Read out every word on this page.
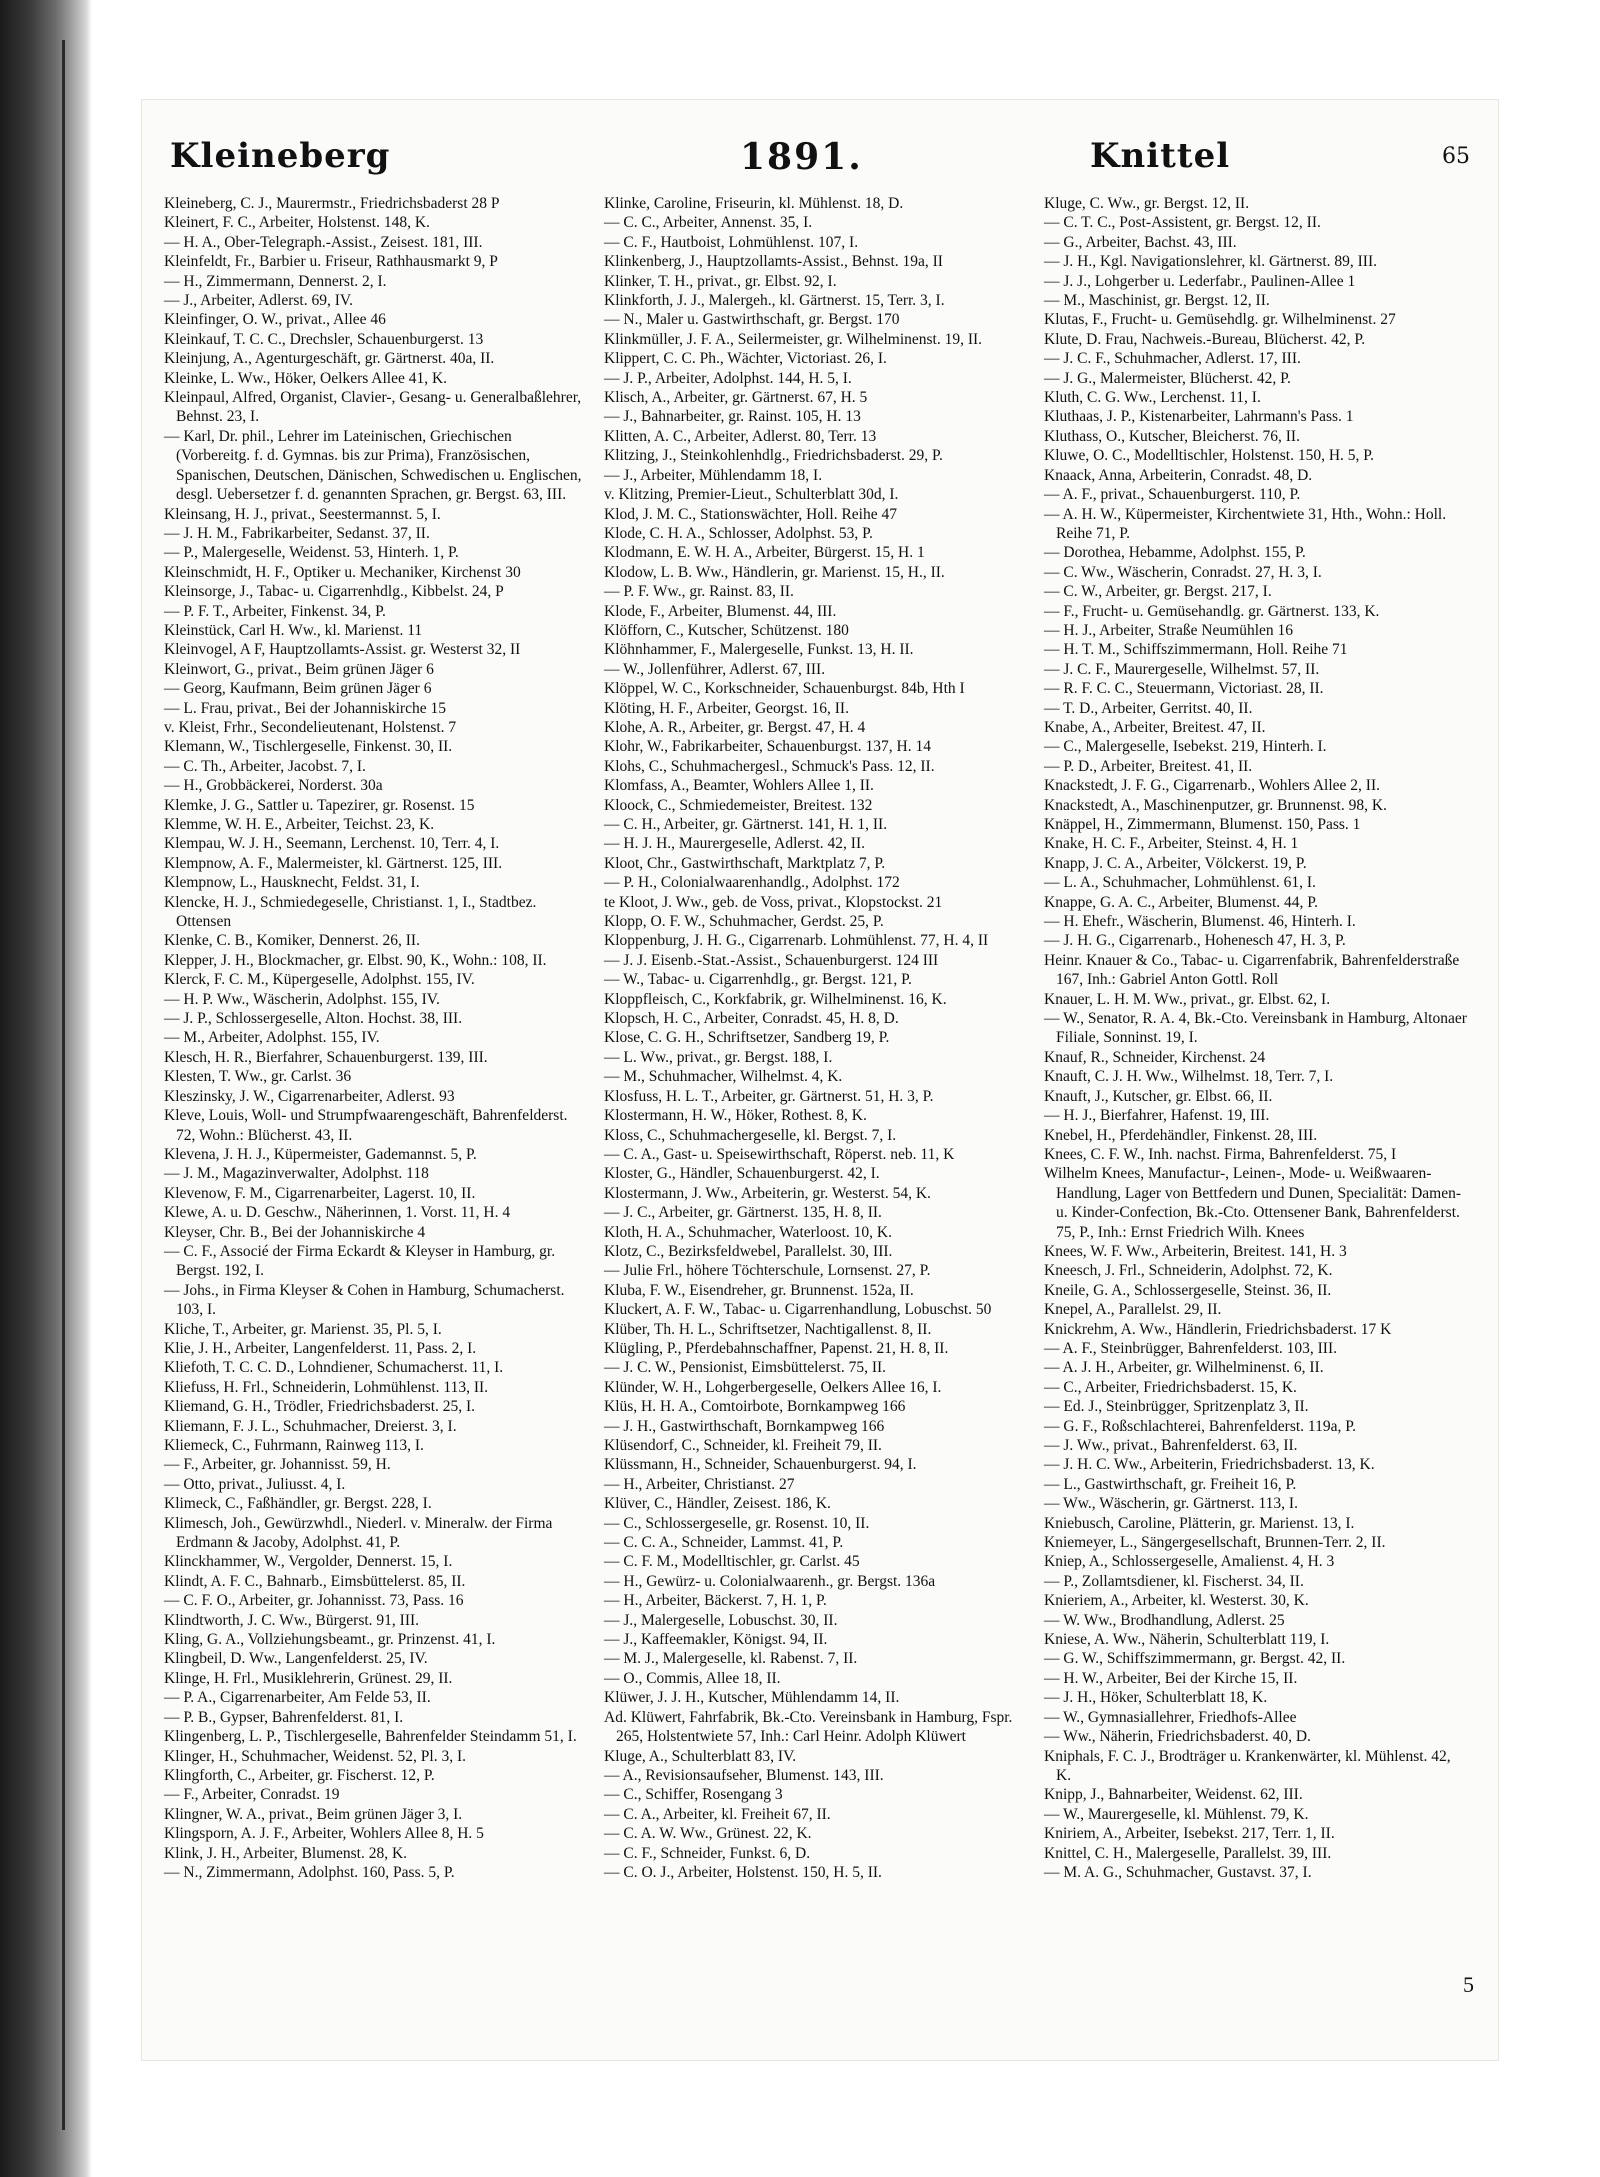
Kleineberg	1891.	Knittel	65

Kleineberg, C. J., Maurermstr., Friedrichsbaderst 28 P

Kleinert, F. C., Arbeiter, Holstenst. 148, K.

— H. A., Ober-Telegraph.-Assist., Zeisest. 181, III.

Kleinfeldt, Fr., Barbier u. Friseur, Rathhausmarkt 9, P

— H., Zimmermann, Dennerst. 2, I.

— J., Arbeiter, Adlerst. 69, IV.

Kleinfinger, O. W., privat., Allee 46

Kleinkauf, T. C. C., Drechsler, Schauenburgerst. 13

Kleinjung, A., Agenturgeschäft, gr. Gärtnerst. 40a, II.

Kleinke, L. Ww., Höker, Oelkers Allee 41, K.

Kleinpaul, Alfred, Organist, Clavier-, Gesang- u. Generalbaßlehrer, Behnst. 23, I.

— Karl, Dr. phil., Lehrer im Lateinischen, Griechischen (Vorbereitg. f. d. Gymnas. bis zur Prima), Französischen, Spanischen, Deutschen, Dänischen, Schwedischen u. Englischen, desgl. Uebersetzer f. d. genannten Sprachen, gr. Bergst. 63, III.

Kleinsang, H. J., privat., Seestermannst. 5, I.

— J. H. M., Fabrikarbeiter, Sedanst. 37, II.

— P., Malergeselle, Weidenst. 53, Hinterh. 1, P.

Kleinschmidt, H. F., Optiker u. Mechaniker, Kirchenst 30

Kleinsorge, J., Tabac- u. Cigarrenhdlg., Kibbelst. 24, P

— P. F. T., Arbeiter, Finkenst. 34, P.

Kleinstück, Carl H. Ww., kl. Marienst. 11

Kleinvogel, A F, Hauptzollamts-Assist. gr. Westerst 32, II

Kleinwort, G., privat., Beim grünen Jäger 6

— Georg, Kaufmann, Beim grünen Jäger 6

— L. Frau, privat., Bei der Johanniskirche 15

v. Kleist, Frhr., Secondelieutenant, Holstenst. 7

Klemann, W., Tischlergeselle, Finkenst. 30, II.

— C. Th., Arbeiter, Jacobst. 7, I.

— H., Grobbäckerei, Norderst. 30a

Klemke, J. G., Sattler u. Tapezirer, gr. Rosenst. 15

Klemme, W. H. E., Arbeiter, Teichst. 23, K.

Klempau, W. J. H., Seemann, Lerchenst. 10, Terr. 4, I.

Klempnow, A. F., Malermeister, kl. Gärtnerst. 125, III.

Klempnow, L., Hausknecht, Feldst. 31, I.

Klencke, H. J., Schmiedegeselle, Christianst. 1, I., Stadtbez. Ottensen

Klenke, C. B., Komiker, Dennerst. 26, II.

Klepper, J. H., Blockmacher, gr. Elbst. 90, K., Wohn.: 108, II.

Klerck, F. C. M., Küpergeselle, Adolphst. 155, IV.

— H. P. Ww., Wäscherin, Adolphst. 155, IV.

— J. P., Schlossergeselle, Alton. Hochst. 38, III.

— M., Arbeiter, Adolphst. 155, IV.

Klesch, H. R., Bierfahrer, Schauenburgerst. 139, III.

Klesten, T. Ww., gr. Carlst. 36

Kleszinsky, J. W., Cigarrenarbeiter, Adlerst. 93

Kleve, Louis, Woll- und Strumpfwaarengeschäft, Bahrenfelderst. 72, Wohn.: Blücherst. 43, II.

Klevena, J. H. J., Küpermeister, Gademannst. 5, P.

— J. M., Magazinverwalter, Adolphst. 118

Klevenow, F. M., Cigarrenarbeiter, Lagerst. 10, II.

Klewe, A. u. D. Geschw., Näherinnen, 1. Vorst. 11, H. 4

Kleyser, Chr. B., Bei der Johanniskirche 4

— C. F., Associé der Firma Eckardt & Kleyser in Hamburg, gr. Bergst. 192, I.

— Johs., in Firma Kleyser & Cohen in Hamburg, Schumacherst. 103, I.

Kliche, T., Arbeiter, gr. Marienst. 35, Pl. 5, I.

Klie, J. H., Arbeiter, Langenfelderst. 11, Pass. 2, I.

Kliefoth, T. C. C. D., Lohndiener, Schumacherst. 11, I.

Kliefuss, H. Frl., Schneiderin, Lohmühlenst. 113, II.

Kliemand, G. H., Trödler, Friedrichsbaderst. 25, I.

Kliemann, F. J. L., Schuhmacher, Dreierst. 3, I.

Kliemeck, C., Fuhrmann, Rainweg 113, I.

— F., Arbeiter, gr. Johannisst. 59, H.

— Otto, privat., Juliusst. 4, I.

Klimeck, C., Faßhändler, gr. Bergst. 228, I.

Klimesch, Joh., Gewürzwhdl., Niederl. v. Mineralw. der Firma Erdmann & Jacoby, Adolphst. 41, P.

Klinckhammer, W., Vergolder, Dennerst. 15, I.

Klindt, A. F. C., Bahnarb., Eimsbüttelerst. 85, II.

— C. F. O., Arbeiter, gr. Johannisst. 73, Pass. 16

Klindtworth, J. C. Ww., Bürgerst. 91, III.

Kling, G. A., Vollziehungsbeamt., gr. Prinzenst. 41, I.

Klingbeil, D. Ww., Langenfelderst. 25, IV.

Klinge, H. Frl., Musiklehrerin, Grünest. 29, II.

— P. A., Cigarrenarbeiter, Am Felde 53, II.

— P. B., Gypser, Bahrenfelderst. 81, I.

Klingenberg, L. P., Tischlergeselle, Bahrenfelder Steindamm 51, I.

Klinger, H., Schuhmacher, Weidenst. 52, Pl. 3, I.

Klingforth, C., Arbeiter, gr. Fischerst. 12, P.

— F., Arbeiter, Conradst. 19

Klingner, W. A., privat., Beim grünen Jäger 3, I.

Klingsporn, A. J. F., Arbeiter, Wohlers Allee 8, H. 5

Klink, J. H., Arbeiter, Blumenst. 28, K.

— N., Zimmermann, Adolphst. 160, Pass. 5, P.

Klinke, Caroline, Friseurin, kl. Mühlenst. 18, D.

— C. C., Arbeiter, Annenst. 35, I.

— C. F., Hautboist, Lohmühlenst. 107, I.

Klinkenberg, J., Hauptzollamts-Assist., Behnst. 19a, II

Klinker, T. H., privat., gr. Elbst. 92, I.

Klinkforth, J. J., Malergeh., kl. Gärtnerst. 15, Terr. 3, I.

— N., Maler u. Gastwirthschaft, gr. Bergst. 170

Klinkmüller, J. F. A., Seilermeister, gr. Wilhelminenst. 19, II.

Klippert, C. C. Ph., Wächter, Victoriast. 26, I.

— J. P., Arbeiter, Adolphst. 144, H. 5, I.

Klisch, A., Arbeiter, gr. Gärtnerst. 67, H. 5

— J., Bahnarbeiter, gr. Rainst. 105, H. 13

Klitten, A. C., Arbeiter, Adlerst. 80, Terr. 13

Klitzing, J., Steinkohlenhdlg., Friedrichsbaderst. 29, P.

— J., Arbeiter, Mühlendamm 18, I.

v. Klitzing, Premier-Lieut., Schulterblatt 30d, I.

Klod, J. M. C., Stationswächter, Holl. Reihe 47

Klode, C. H. A., Schlosser, Adolphst. 53, P.

Klodmann, E. W. H. A., Arbeiter, Bürgerst. 15, H. 1

Klodow, L. B. Ww., Händlerin, gr. Marienst. 15, H., II.

— P. F. Ww., gr. Rainst. 83, II.

Klode, F., Arbeiter, Blumenst. 44, III.

Klöfforn, C., Kutscher, Schützenst. 180

Klöhnhammer, F., Malergeselle, Funkst. 13, H. II.

— W., Jollenführer, Adlerst. 67, III.

Klöppel, W. C., Korkschneider, Schauenburgst. 84b, Hth I

Klöting, H. F., Arbeiter, Georgst. 16, II.

Klohe, A. R., Arbeiter, gr. Bergst. 47, H. 4

Klohr, W., Fabrikarbeiter, Schauenburgst. 137, H. 14

Klohs, C., Schuhmachergesl., Schmuck's Pass. 12, II.

Klomfass, A., Beamter, Wohlers Allee 1, II.

Kloock, C., Schmiedemeister, Breitest. 132

— C. H., Arbeiter, gr. Gärtnerst. 141, H. 1, II.

— H. J. H., Maurergeselle, Adlerst. 42, II.

Kloot, Chr., Gastwirthschaft, Marktplatz 7, P.

— P. H., Colonialwaarenhandlg., Adolphst. 172

te Kloot, J. Ww., geb. de Voss, privat., Klopstockst. 21

Klopp, O. F. W., Schuhmacher, Gerdst. 25, P.

Kloppenburg, J. H. G., Cigarrenarb. Lohmühlenst. 77, H. 4, II

— J. J. Eisenb.-Stat.-Assist., Schauenburgerst. 124 III

— W., Tabac- u. Cigarrenhdlg., gr. Bergst. 121, P.

Kloppfleisch, C., Korkfabrik, gr. Wilhelminenst. 16, K.

Klopsch, H. C., Arbeiter, Conradst. 45, H. 8, D.

Klose, C. G. H., Schriftsetzer, Sandberg 19, P.

— L. Ww., privat., gr. Bergst. 188, I.

— M., Schuhmacher, Wilhelmst. 4, K.

Klosfuss, H. L. T., Arbeiter, gr. Gärtnerst. 51, H. 3, P.

Klostermann, H. W., Höker, Rothest. 8, K.

Kloss, C., Schuhmachergeselle, kl. Bergst. 7, I.

— C. A., Gast- u. Speisewirthschaft, Röperst. neb. 11, K

Kloster, G., Händler, Schauenburgerst. 42, I.

Klostermann, J. Ww., Arbeiterin, gr. Westerst. 54, K.

— J. C., Arbeiter, gr. Gärtnerst. 135, H. 8, II.

Kloth, H. A., Schuhmacher, Waterloost. 10, K.

Klotz, C., Bezirksfeldwebel, Parallelst. 30, III.

— Julie Frl., höhere Töchterschule, Lornsenst. 27, P.

Kluba, F. W., Eisendreher, gr. Brunnenst. 152a, II.

Kluckert, A. F. W., Tabac- u. Cigarrenhandlung, Lobuschst. 50

Klüber, Th. H. L., Schriftsetzer, Nachtigallenst. 8, II.

Klügling, P., Pferdebahnschaffner, Papenst. 21, H. 8, II.

— J. C. W., Pensionist, Eimsbüttelerst. 75, II.

Klünder, W. H., Lohgerbergeselle, Oelkers Allee 16, I.

Klüs, H. H. A., Comtoirbote, Bornkampweg 166

— J. H., Gastwirthschaft, Bornkampweg 166

Klüsendorf, C., Schneider, kl. Freiheit 79, II.

Klüssmann, H., Schneider, Schauenburgerst. 94, I.

— H., Arbeiter, Christianst. 27

Klüver, C., Händler, Zeisest. 186, K.

— C., Schlossergeselle, gr. Rosenst. 10, II.

— C. C. A., Schneider, Lammst. 41, P.

— C. F. M., Modelltischler, gr. Carlst. 45

— H., Gewürz- u. Colonialwaarenh., gr. Bergst. 136a

— H., Arbeiter, Bäckerst. 7, H. 1, P.

— J., Malergeselle, Lobuschst. 30, II.

— J., Kaffeemakler, Königst. 94, II.

— M. J., Malergeselle, kl. Rabenst. 7, II.

— O., Commis, Allee 18, II.

Klüwer, J. J. H., Kutscher, Mühlendamm 14, II.

Ad. Klüwert, Fahrfabrik, Bk.-Cto. Vereinsbank in Hamburg, Fspr. 265, Holstentwiete 57, Inh.: Carl Heinr. Adolph Klüwert

Kluge, A., Schulterblatt 83, IV.

— A., Revisionsaufseher, Blumenst. 143, III.

— C., Schiffer, Rosengang 3

— C. A., Arbeiter, kl. Freiheit 67, II.

— C. A. W. Ww., Grünest. 22, K.

— C. F., Schneider, Funkst. 6, D.

— C. O. J., Arbeiter, Holstenst. 150, H. 5, II.

Kluge, C. Ww., gr. Bergst. 12, II.

— C. T. C., Post-Assistent, gr. Bergst. 12, II.

— G., Arbeiter, Bachst. 43, III.

— J. H., Kgl. Navigationslehrer, kl. Gärtnerst. 89, III.

— J. J., Lohgerber u. Lederfabr., Paulinen-Allee 1

— M., Maschinist, gr. Bergst. 12, II.

Klutas, F., Frucht- u. Gemüsehdlg. gr. Wilhelminenst. 27

Klute, D. Frau, Nachweis.-Bureau, Blücherst. 42, P.

— J. C. F., Schuhmacher, Adlerst. 17, III.

— J. G., Malermeister, Blücherst. 42, P.

Kluth, C. G. Ww., Lerchenst. 11, I.

Kluthaas, J. P., Kistenarbeiter, Lahrmann's Pass. 1

Kluthass, O., Kutscher, Bleicherst. 76, II.

Kluwe, O. C., Modelltischler, Holstenst. 150, H. 5, P.

Knaack, Anna, Arbeiterin, Conradst. 48, D.

— A. F., privat., Schauenburgerst. 110, P.

— A. H. W., Küpermeister, Kirchentwiete 31, Hth., Wohn.: Holl. Reihe 71, P.

— Dorothea, Hebamme, Adolphst. 155, P.

— C. Ww., Wäscherin, Conradst. 27, H. 3, I.

— C. W., Arbeiter, gr. Bergst. 217, I.

— F., Frucht- u. Gemüsehandlg. gr. Gärtnerst. 133, K.

— H. J., Arbeiter, Straße Neumühlen 16

— H. T. M., Schiffszimmermann, Holl. Reihe 71

— J. C. F., Maurergeselle, Wilhelmst. 57, II.

— R. F. C. C., Steuermann, Victoriast. 28, II.

— T. D., Arbeiter, Gerritst. 40, II.

Knabe, A., Arbeiter, Breitest. 47, II.

— C., Malergeselle, Isebekst. 219, Hinterh. I.

— P. D., Arbeiter, Breitest. 41, II.

Knackstedt, J. F. G., Cigarrenarb., Wohlers Allee 2, II.

Knackstedt, A., Maschinenputzer, gr. Brunnenst. 98, K.

Knäppel, H., Zimmermann, Blumenst. 150, Pass. 1

Knake, H. C. F., Arbeiter, Steinst. 4, H. 1

Knapp, J. C. A., Arbeiter, Völckerst. 19, P.

— L. A., Schuhmacher, Lohmühlenst. 61, I.

Knappe, G. A. C., Arbeiter, Blumenst. 44, P.

— H. Ehefr., Wäscherin, Blumenst. 46, Hinterh. I.

— J. H. G., Cigarrenarb., Hohenesch 47, H. 3, P.

Heinr. Knauer & Co., Tabac- u. Cigarrenfabrik, Bahrenfelderstraße 167, Inh.: Gabriel Anton Gottl. Roll

Knauer, L. H. M. Ww., privat., gr. Elbst. 62, I.

— W., Senator, R. A. 4, Bk.-Cto. Vereinsbank in Hamburg, Altonaer Filiale, Sonninst. 19, I.

Knauf, R., Schneider, Kirchenst. 24

Knauft, C. J. H. Ww., Wilhelmst. 18, Terr. 7, I.

Knauft, J., Kutscher, gr. Elbst. 66, II.

— H. J., Bierfahrer, Hafenst. 19, III.

Knebel, H., Pferdehändler, Finkenst. 28, III.

Knees, C. F. W., Inh. nachst. Firma, Bahrenfelderst. 75, I

Wilhelm Knees, Manufactur-, Leinen-, Mode- u. Weißwaaren-Handlung, Lager von Bettfedern und Dunen, Specialität: Damen- u. Kinder-Confection, Bk.-Cto. Ottensener Bank, Bahrenfelderst. 75, P., Inh.: Ernst Friedrich Wilh. Knees

Knees, W. F. Ww., Arbeiterin, Breitest. 141, H. 3

Kneesch, J. Frl., Schneiderin, Adolphst. 72, K.

Kneile, G. A., Schlossergeselle, Steinst. 36, II.

Knepel, A., Parallelst. 29, II.

Knickrehm, A. Ww., Händlerin, Friedrichsbaderst. 17 K

— A. F., Steinbrügger, Bahrenfelderst. 103, III.

— A. J. H., Arbeiter, gr. Wilhelminenst. 6, II.

— C., Arbeiter, Friedrichsbaderst. 15, K.

— Ed. J., Steinbrügger, Spritzenplatz 3, II.

— G. F., Roßschlachterei, Bahrenfelderst. 119a, P.

— J. Ww., privat., Bahrenfelderst. 63, II.

— J. H. C. Ww., Arbeiterin, Friedrichsbaderst. 13, K.

— L., Gastwirthschaft, gr. Freiheit 16, P.

— Ww., Wäscherin, gr. Gärtnerst. 113, I.

Kniebusch, Caroline, Plätterin, gr. Marienst. 13, I.

Kniemeyer, L., Sängergesellschaft, Brunnen-Terr. 2, II.

Kniep, A., Schlossergeselle, Amalienst. 4, H. 3

— P., Zollamtsdiener, kl. Fischerst. 34, II.

Knieriem, A., Arbeiter, kl. Westerst. 30, K.

— W. Ww., Brodhandlung, Adlerst. 25

Kniese, A. Ww., Näherin, Schulterblatt 119, I.

— G. W., Schiffszimmermann, gr. Bergst. 42, II.

— H. W., Arbeiter, Bei der Kirche 15, II.

— J. H., Höker, Schulterblatt 18, K.

— W., Gymnasiallehrer, Friedhofs-Allee

— Ww., Näherin, Friedrichsbaderst. 40, D.

Kniphals, F. C. J., Brodträger u. Krankenwärter, kl. Mühlenst. 42, K.

Knipp, J., Bahnarbeiter, Weidenst. 62, III.

— W., Maurergeselle, kl. Mühlenst. 79, K.

Kniriem, A., Arbeiter, Isebekst. 217, Terr. 1, II.

Knittel, C. H., Malergeselle, Parallelst. 39, III.

— M. A. G., Schuhmacher, Gustavst. 37, I.

5
